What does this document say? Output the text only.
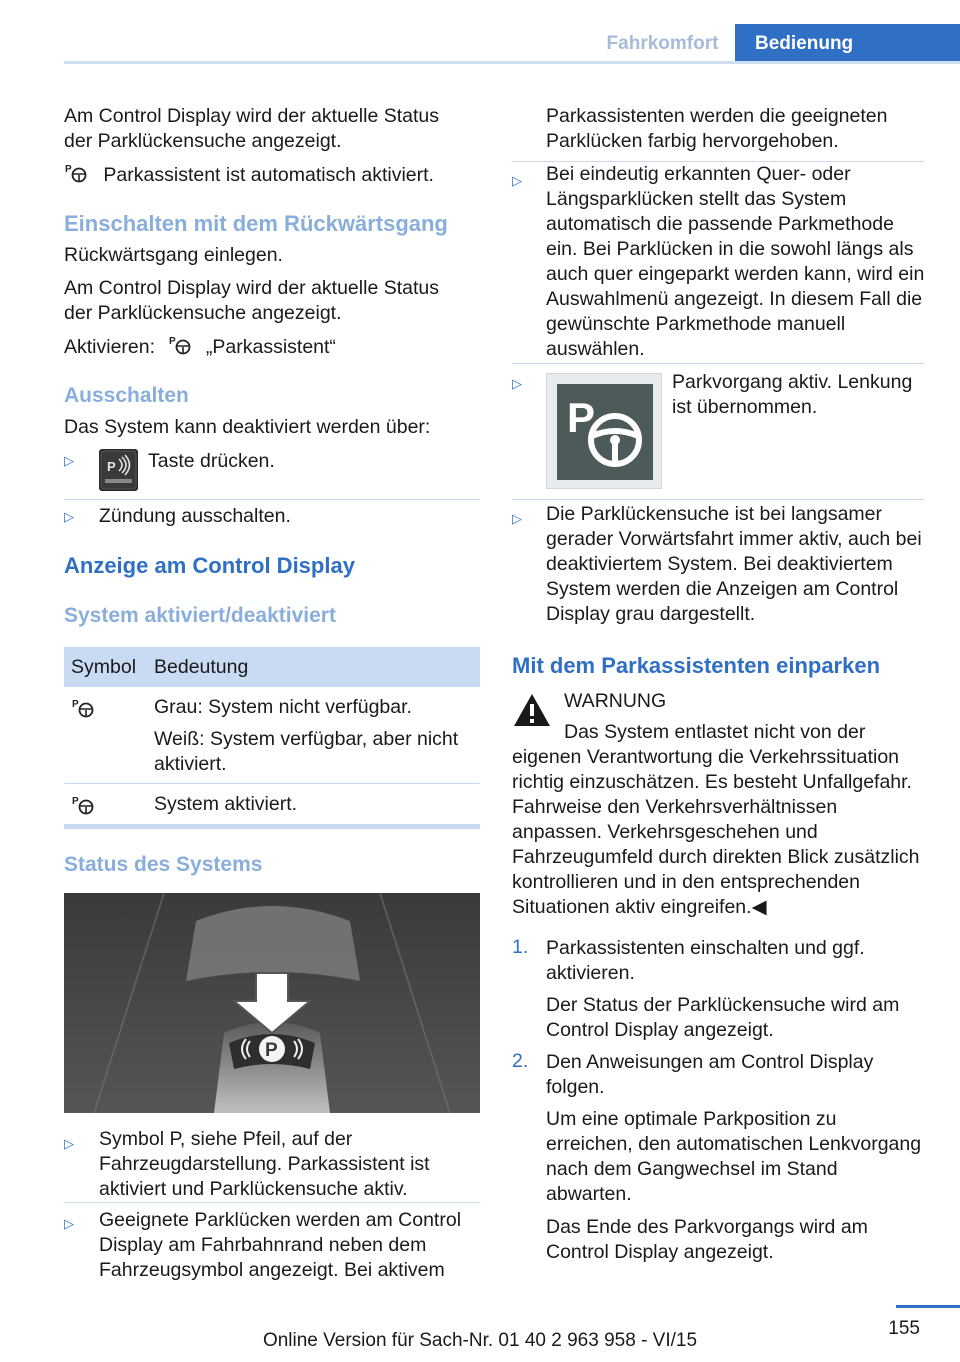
Fahrkomfort	Bedienung
Am Control Display wird der aktuelle Status der Parklückensuche angezeigt.
P Parkassistent ist automatisch aktiviert.
Einschalten mit dem Rückwärtsgang
Rückwärtsgang einlegen.
Am Control Display wird der aktuelle Status der Parklückensuche angezeigt.
Aktivieren: P „Parkassistent“
Ausschalten
Das System kann deaktiviert werden über:
▷	P Taste drücken.
▷ Zündung ausschalten.
Anzeige am Control Display
System aktiviert/deaktiviert
Symbol Bedeutung
P	Grau: System nicht verfügbar.
Weiß: System verfügbar, aber nicht aktiviert.
P	System aktiviert.
Status des Systems
P
▷ Symbol P, siehe Pfeil, auf der Fahrzeugdarstellung. Parkassistent ist aktiviert und Parklückensuche aktiv.
▷ Geeignete Parklücken werden am Control Display am Fahrbahnrand neben dem Fahrzeugsymbol angezeigt. Bei aktivem
Parkassistenten werden die geeigneten Parklücken farbig hervorgehoben.
▷ Bei eindeutig erkannten Quer- oder Längsparklücken stellt das System automatisch die passende Parkmethode ein. Bei Parklücken in die sowohl längs als auch quer eingeparkt werden kann, wird ein Auswahlmenü angezeigt. In diesem Fall die gewünschte Parkmethode manuell auswählen.
▷
P
Parkvorgang aktiv. Lenkung ist übernommen.
▷ Die Parklückensuche ist bei langsamer gerader Vorwärtsfahrt immer aktiv, auch bei deaktiviertem System. Bei deaktiviertem System werden die Anzeigen am Control Display grau dargestellt.
Mit dem Parkassistenten einparken
WARNUNG
Das System entlastet nicht von der eigenen Verantwortung die Verkehrssituation richtig einzuschätzen. Es besteht Unfallgefahr. Fahrweise den Verkehrsverhältnissen anpassen. Verkehrsgeschehen und Fahrzeugumfeld durch direkten Blick zusätzlich kontrollieren und in den entsprechenden Situationen aktiv eingreifen.◀
1. Parkassistenten einschalten und ggf. aktivieren.
Der Status der Parklückensuche wird am Control Display angezeigt.
2. Den Anweisungen am Control Display folgen.
Um eine optimale Parkposition zu erreichen, den automatischen Lenkvorgang nach dem Gangwechsel im Stand abwarten.
Das Ende des Parkvorgangs wird am Control Display angezeigt.
155
Online Version für Sach-Nr. 01 40 2 963 958 - VI/15
